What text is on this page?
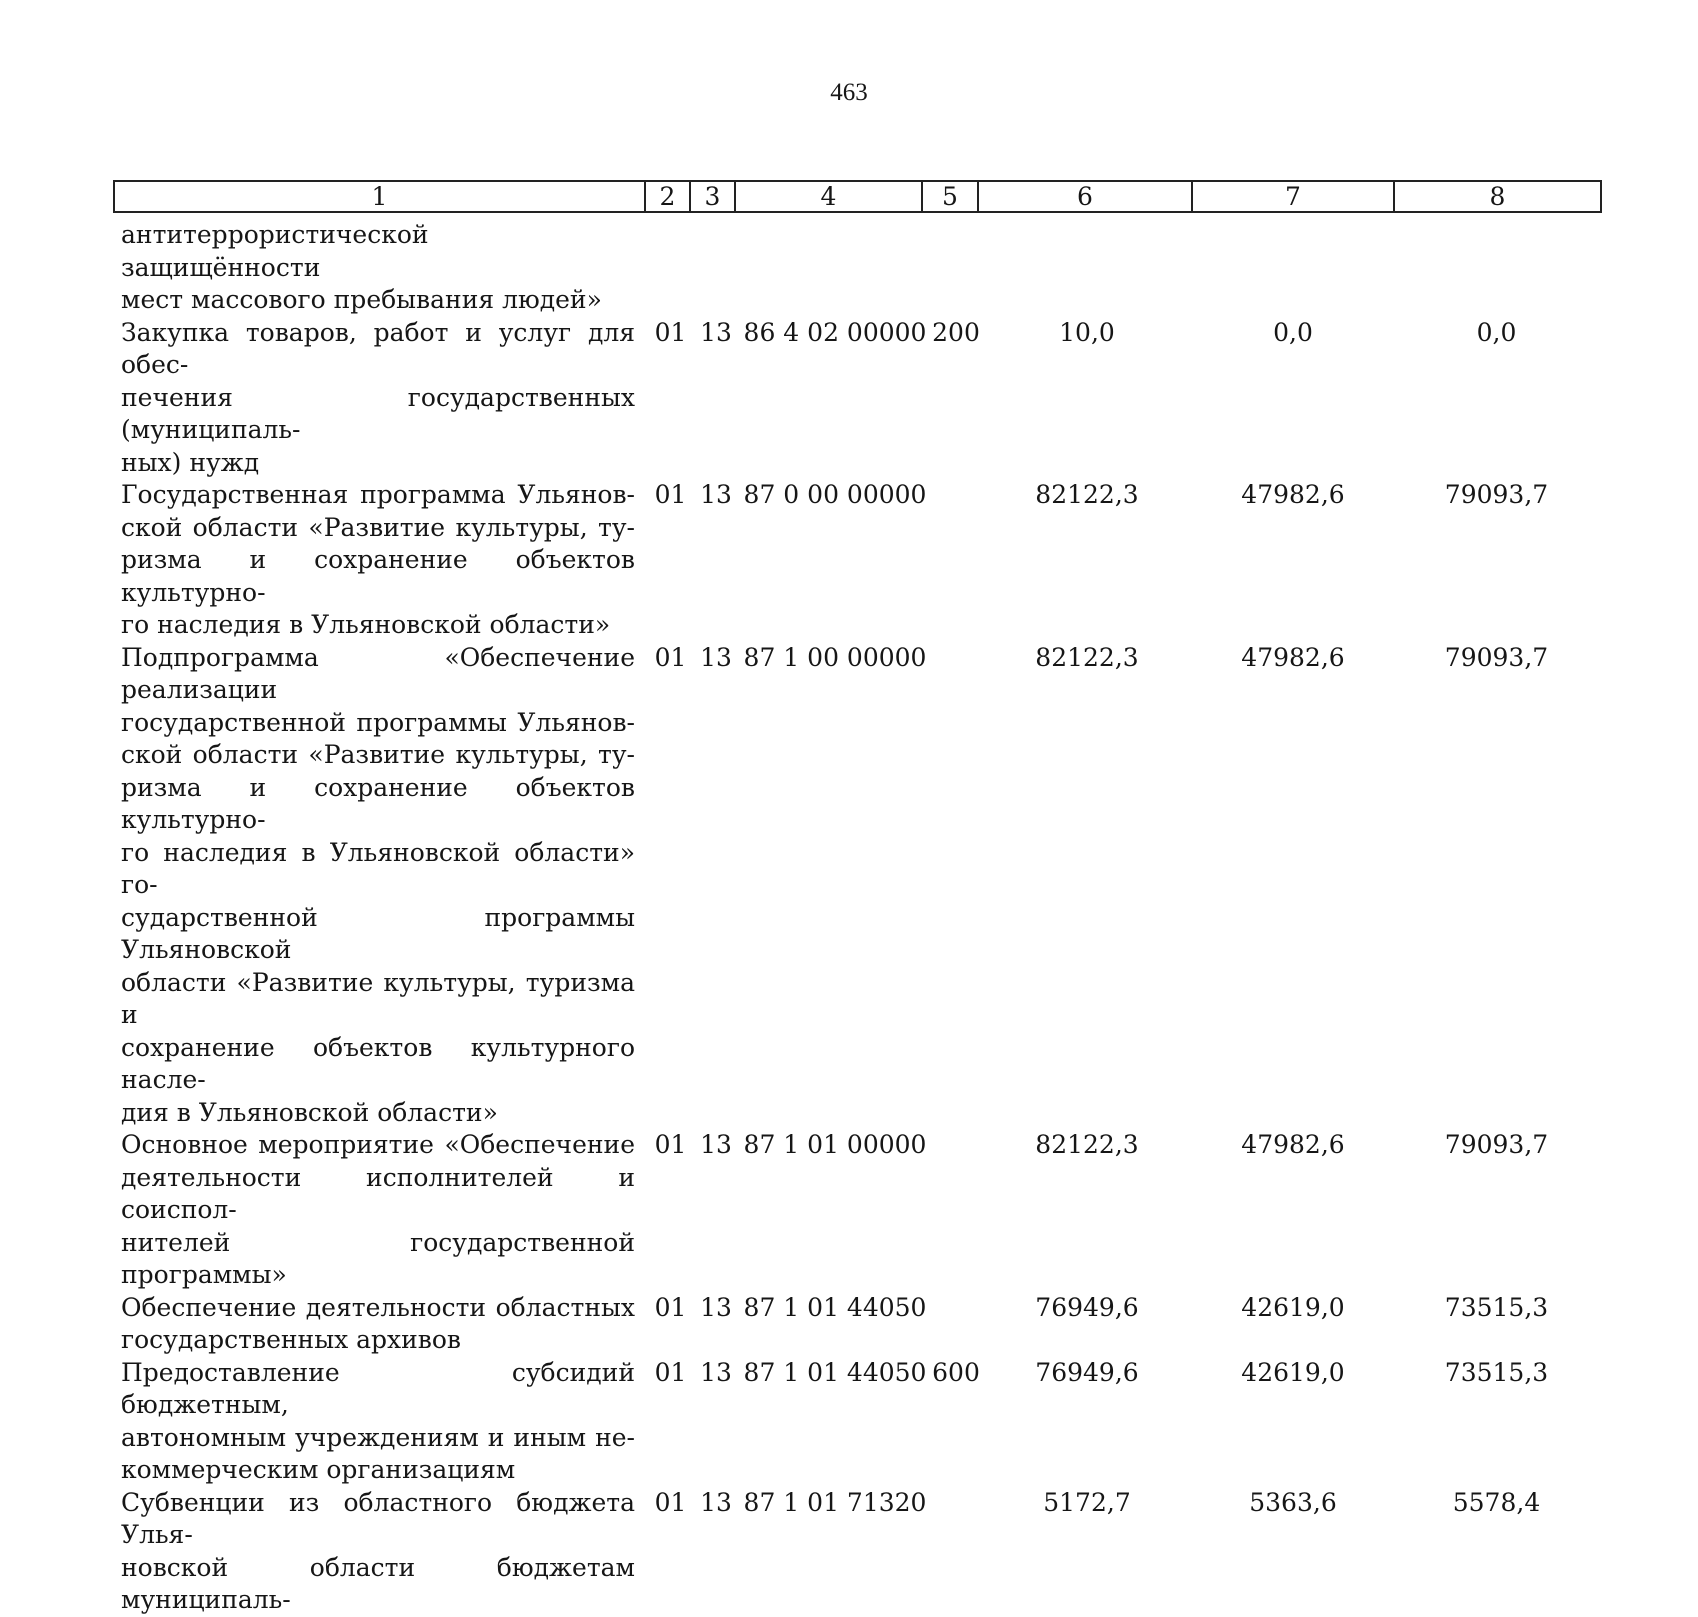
463
1	2	3	4	5	6	7	8
антитеррористической защищённости
мест массового пребывания людей»
Закупка товаров, работ и услуг для обес-
печения государственных (муниципаль-
ных) нужд
01 13 86 4 02 00000 200	10,0	0,0	0,0
Государственная программа Ульянов-
ской области «Развитие культуры, ту-
ризма и сохранение объектов культурно-
го наследия в Ульяновской области»
01 13 87 0 00 00000	82122,3	47982,6	79093,7
Подпрограмма «Обеспечение реализации
государственной программы Ульянов-
ской области «Развитие культуры, ту-
ризма и сохранение объектов культурно-
го наследия в Ульяновской области» го-
сударственной программы Ульяновской
области «Развитие культуры, туризма и
сохранение объектов культурного насле-
дия в Ульяновской области»
01 13 87 1 00 00000	82122,3	47982,6	79093,7
Основное мероприятие «Обеспечение
деятельности исполнителей и соиспол-
нителей государственной программы»
01 13 87 1 01 00000	82122,3	47982,6	79093,7
Обеспечение деятельности областных
государственных архивов
01 13 87 1 01 44050	76949,6	42619,0	73515,3
Предоставление субсидий бюджетным,
автономным учреждениям и иным не-
коммерческим организациям
01 13 87 1 01 44050 600	76949,6	42619,0	73515,3
Субвенции из областного бюджета Улья-
новской области бюджетам муниципаль-
01 13 87 1 01 71320	5172,7	5363,6	5578,4
